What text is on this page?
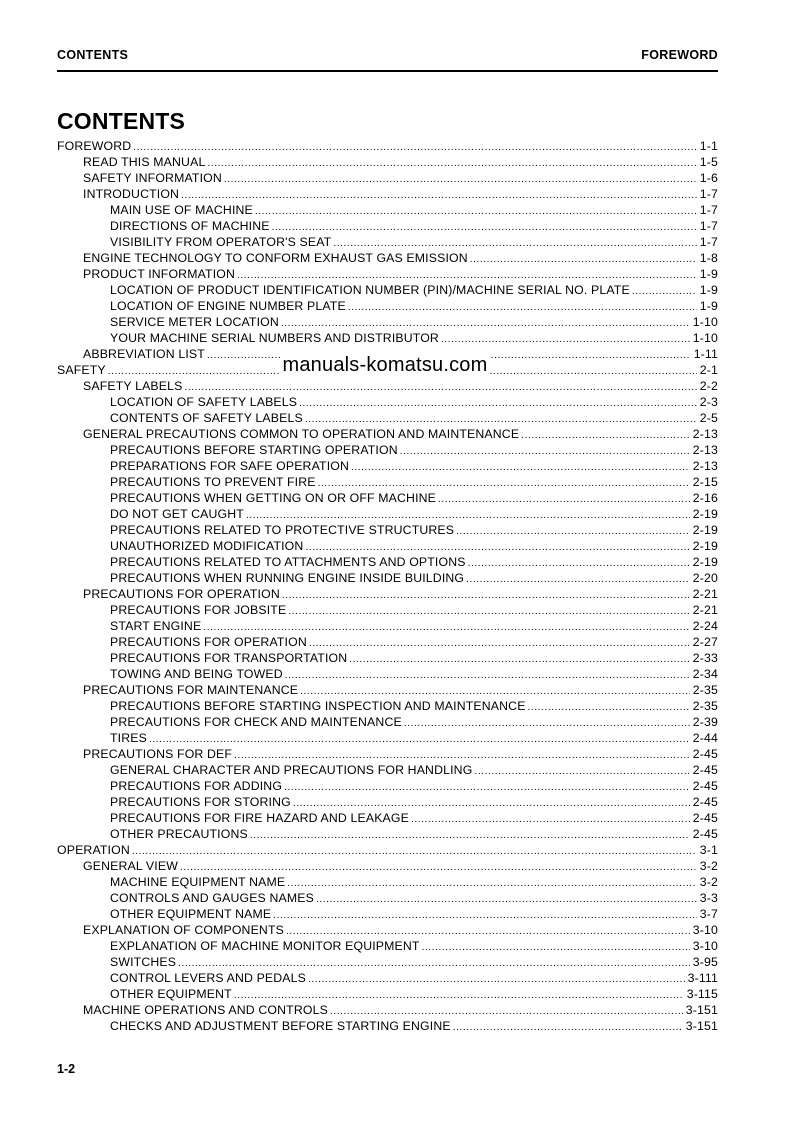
CONTENTS	FOREWORD
CONTENTS
FOREWORD .....	1-1
READ THIS MANUAL .....	1-5
SAFETY INFORMATION .....	1-6
INTRODUCTION .....	1-7
MAIN USE OF MACHINE .....	1-7
DIRECTIONS OF MACHINE .....	1-7
VISIBILITY FROM OPERATOR'S SEAT .....	1-7
ENGINE TECHNOLOGY TO CONFORM EXHAUST GAS EMISSION .....	1-8
PRODUCT INFORMATION .....	1-9
LOCATION OF PRODUCT IDENTIFICATION NUMBER (PIN)/MACHINE SERIAL NO. PLATE .....	1-9
LOCATION OF ENGINE NUMBER PLATE .....	1-9
SERVICE METER LOCATION .....	1-10
YOUR MACHINE SERIAL NUMBERS AND DISTRIBUTOR .....	1-10
ABBREVIATION LIST .....	1-11
SAFETY .....	2-1
SAFETY LABELS .....	2-2
LOCATION OF SAFETY LABELS .....	2-3
CONTENTS OF SAFETY LABELS .....	2-5
GENERAL PRECAUTIONS COMMON TO OPERATION AND MAINTENANCE .....	2-13
PRECAUTIONS BEFORE STARTING OPERATION .....	2-13
PREPARATIONS FOR SAFE OPERATION .....	2-13
PRECAUTIONS TO PREVENT FIRE .....	2-15
PRECAUTIONS WHEN GETTING ON OR OFF MACHINE .....	2-16
DO NOT GET CAUGHT .....	2-19
PRECAUTIONS RELATED TO PROTECTIVE STRUCTURES .....	2-19
UNAUTHORIZED MODIFICATION .....	2-19
PRECAUTIONS RELATED TO ATTACHMENTS AND OPTIONS .....	2-19
PRECAUTIONS WHEN RUNNING ENGINE INSIDE BUILDING .....	2-20
PRECAUTIONS FOR OPERATION .....	2-21
PRECAUTIONS FOR JOBSITE .....	2-21
START ENGINE .....	2-24
PRECAUTIONS FOR OPERATION .....	2-27
PRECAUTIONS FOR TRANSPORTATION .....	2-33
TOWING AND BEING TOWED .....	2-34
PRECAUTIONS FOR MAINTENANCE .....	2-35
PRECAUTIONS BEFORE STARTING INSPECTION AND MAINTENANCE .....	2-35
PRECAUTIONS FOR CHECK AND MAINTENANCE .....	2-39
TIRES .....	2-44
PRECAUTIONS FOR DEF .....	2-45
GENERAL CHARACTER AND PRECAUTIONS FOR HANDLING .....	2-45
PRECAUTIONS FOR ADDING .....	2-45
PRECAUTIONS FOR STORING .....	2-45
PRECAUTIONS FOR FIRE HAZARD AND LEAKAGE .....	2-45
OTHER PRECAUTIONS .....	2-45
OPERATION .....	3-1
GENERAL VIEW .....	3-2
MACHINE EQUIPMENT NAME .....	3-2
CONTROLS AND GAUGES NAMES .....	3-3
OTHER EQUIPMENT NAME .....	3-7
EXPLANATION OF COMPONENTS .....	3-10
EXPLANATION OF MACHINE MONITOR EQUIPMENT .....	3-10
SWITCHES .....	3-95
CONTROL LEVERS AND PEDALS .....	3-111
OTHER EQUIPMENT .....	3-115
MACHINE OPERATIONS AND CONTROLS .....	3-151
CHECKS AND ADJUSTMENT BEFORE STARTING ENGINE .....	3-151
manuals-komatsu.com
1-2
